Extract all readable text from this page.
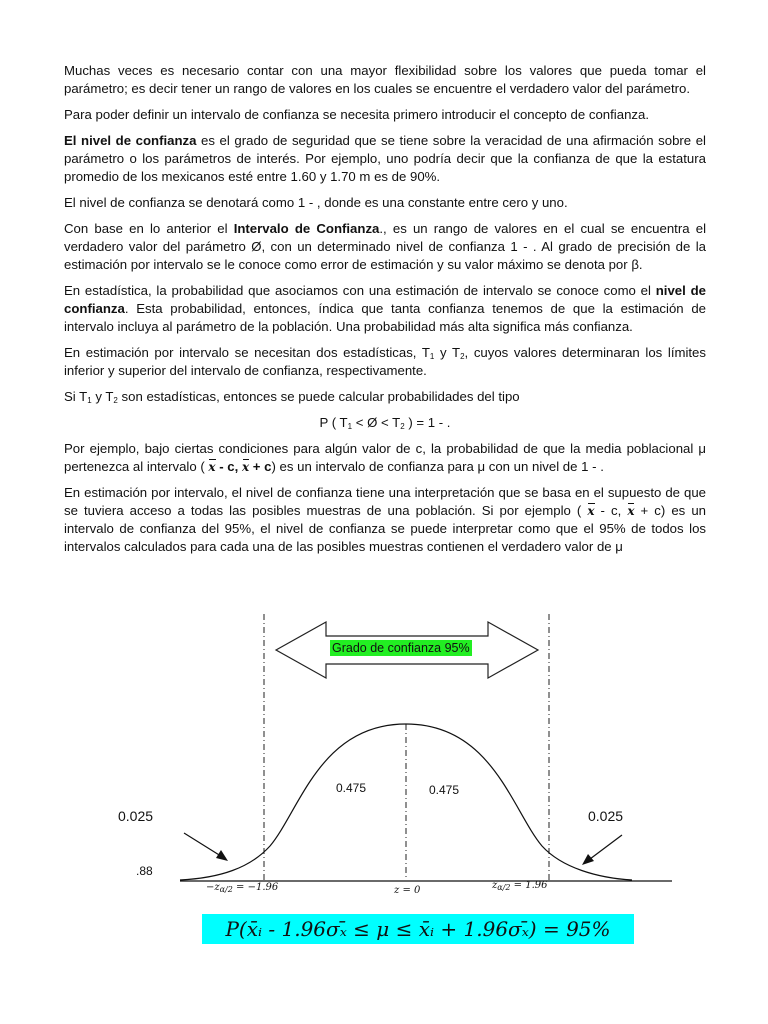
Muchas veces es necesario contar con una mayor flexibilidad sobre los valores que pueda tomar el parámetro; es decir tener un rango de valores en los cuales se encuentre el verdadero valor del parámetro.

Para poder definir un intervalo de confianza se necesita primero introducir el concepto de confianza.

El nivel de confianza es el grado de seguridad que se tiene sobre la veracidad de una afirmación sobre el parámetro o los parámetros de interés. Por ejemplo, uno podría decir que la confianza de que la estatura promedio de los mexicanos esté entre 1.60 y 1.70 m es de 90%.

El nivel de confianza se denotará como 1 - , donde es una constante entre cero y uno.

Con base en lo anterior el Intervalo de Confianza., es un rango de valores en el cual se encuentra el verdadero valor del parámetro Ø, con un determinado nivel de confianza 1 - . Al grado de precisión de la estimación por intervalo se le conoce como error de estimación y su valor máximo se denota por β.

En estadística, la probabilidad que asociamos con una estimación de intervalo se conoce como el nivel de confianza. Esta probabilidad, entonces, índica que tanta confianza tenemos de que la estimación de intervalo incluya al parámetro de la población. Una probabilidad más alta significa más confianza.

En estimación por intervalo se necesitan dos estadísticas, $T_1$ y $T_2$, cuyos valores determinaran los límites inferior y superior del intervalo de confianza, respectivamente.

Si $T_1$ y $T_2$ son estadísticas, entonces se puede calcular probabilidades del tipo

P ( $T_1$ < Ø < $T_2$ ) = 1 - .

Por ejemplo, bajo ciertas condiciones para algún valor de c, la probabilidad de que la media poblacional μ pertenezca al intervalo ( x - c, x + c) es un intervalo de confianza para μ con un nivel de 1 - .

En estimación por intervalo, el nivel de confianza tiene una interpretación que se basa en el supuesto de que se tuviera acceso a todas las posibles muestras de una población. Si por ejemplo ( x - c, x + c) es un intervalo de confianza del 95%, el nivel de confianza se puede interpretar como que el 95% de todos los intervalos calculados para cada una de las posibles muestras contienen el verdadero valor de μ

Grado de confianza 95%
0.025	0.025
0.475	0.475
.88
$-z_{\alpha/2} = -1.96$	z = 0	$z_{\alpha/2} = 1.96$
P(x̄ᵢ - 1.96σₓ̄ ≤ μ ≤ x̄ᵢ + 1.96σₓ̄) = 95%
